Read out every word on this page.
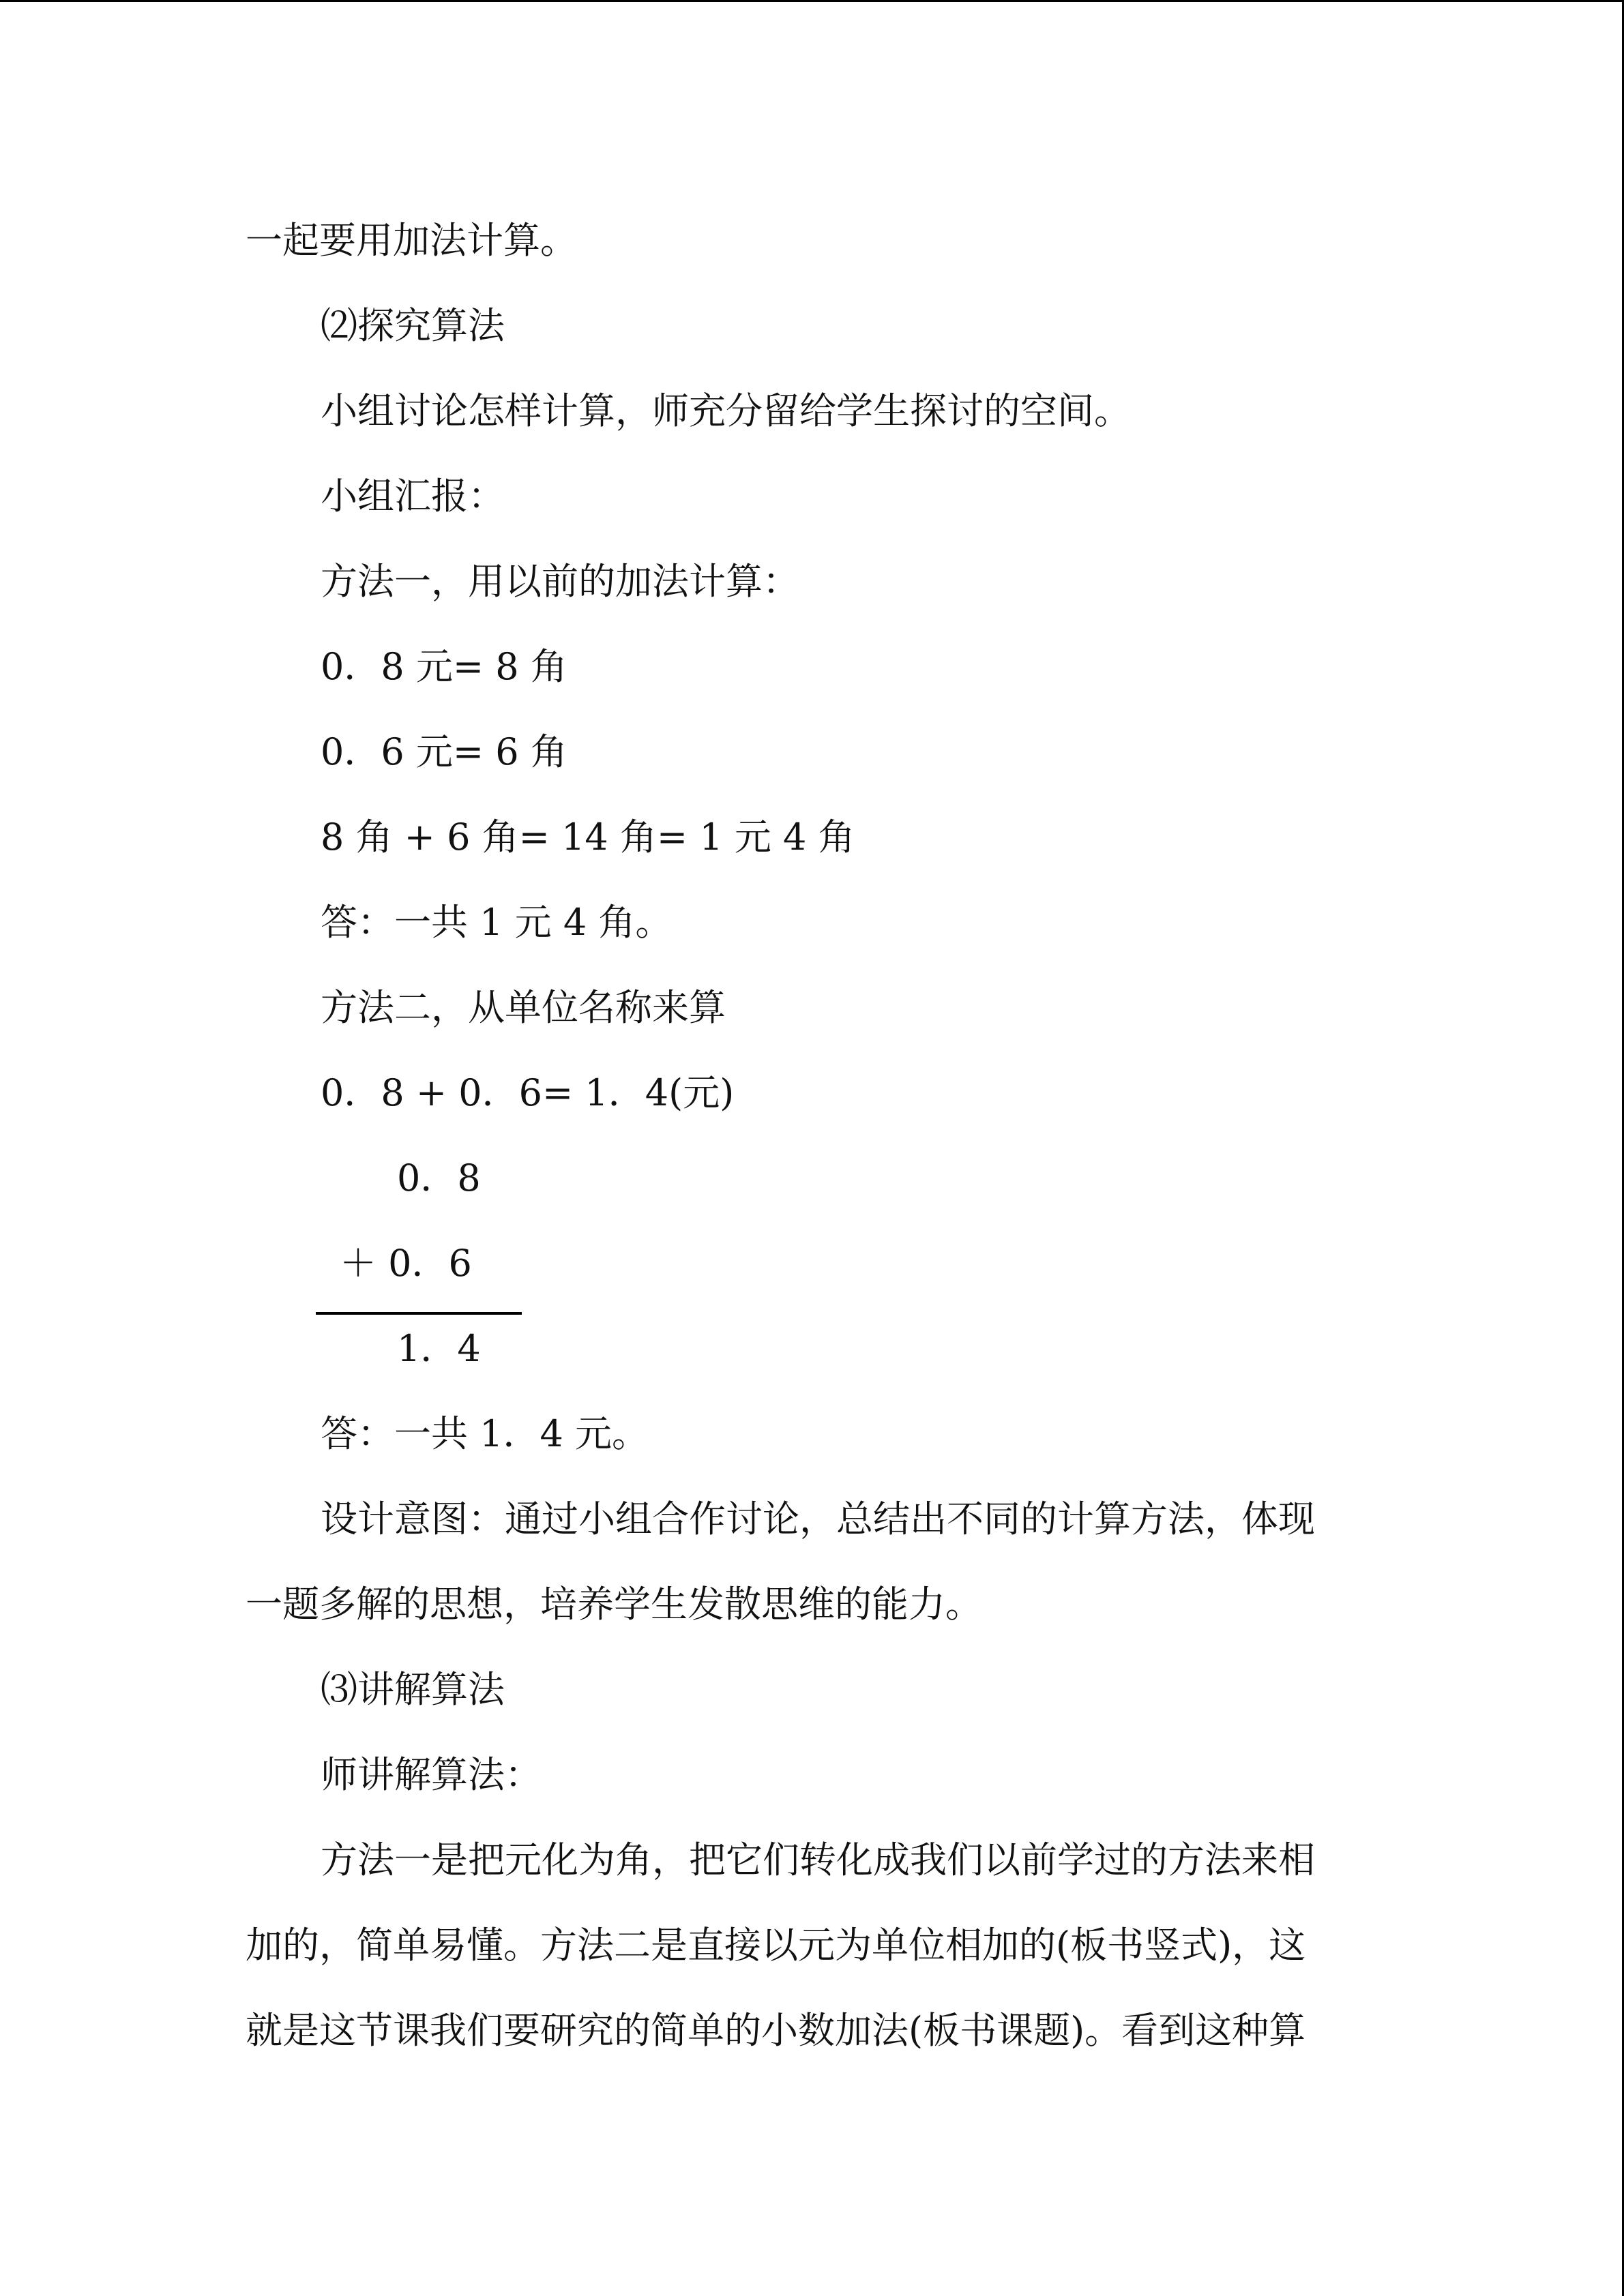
一起要用加法计算。
⑵探究算法
小组讨论怎样计算，师充分留给学生探讨的空间。
小组汇报：
方法一，用以前的加法计算：
0．8 元= 8 角
0．6 元= 6 角
8 角 + 6 角= 14 角= 1 元 4 角
答：一共 1 元 4 角。
方法二，从单位名称来算
0．8 + 0．6= 1．4(元)
0．8
＋ 0．6
1．4
答：一共 1．4 元。
设计意图：通过小组合作讨论，总结出不同的计算方法，体现
一题多解的思想，培养学生发散思维的能力。
⑶讲解算法
师讲解算法：
方法一是把元化为角，把它们转化成我们以前学过的方法来相
加的，简单易懂。方法二是直接以元为单位相加的(板书竖式)，这
就是这节课我们要研究的简单的小数加法(板书课题)。看到这种算
